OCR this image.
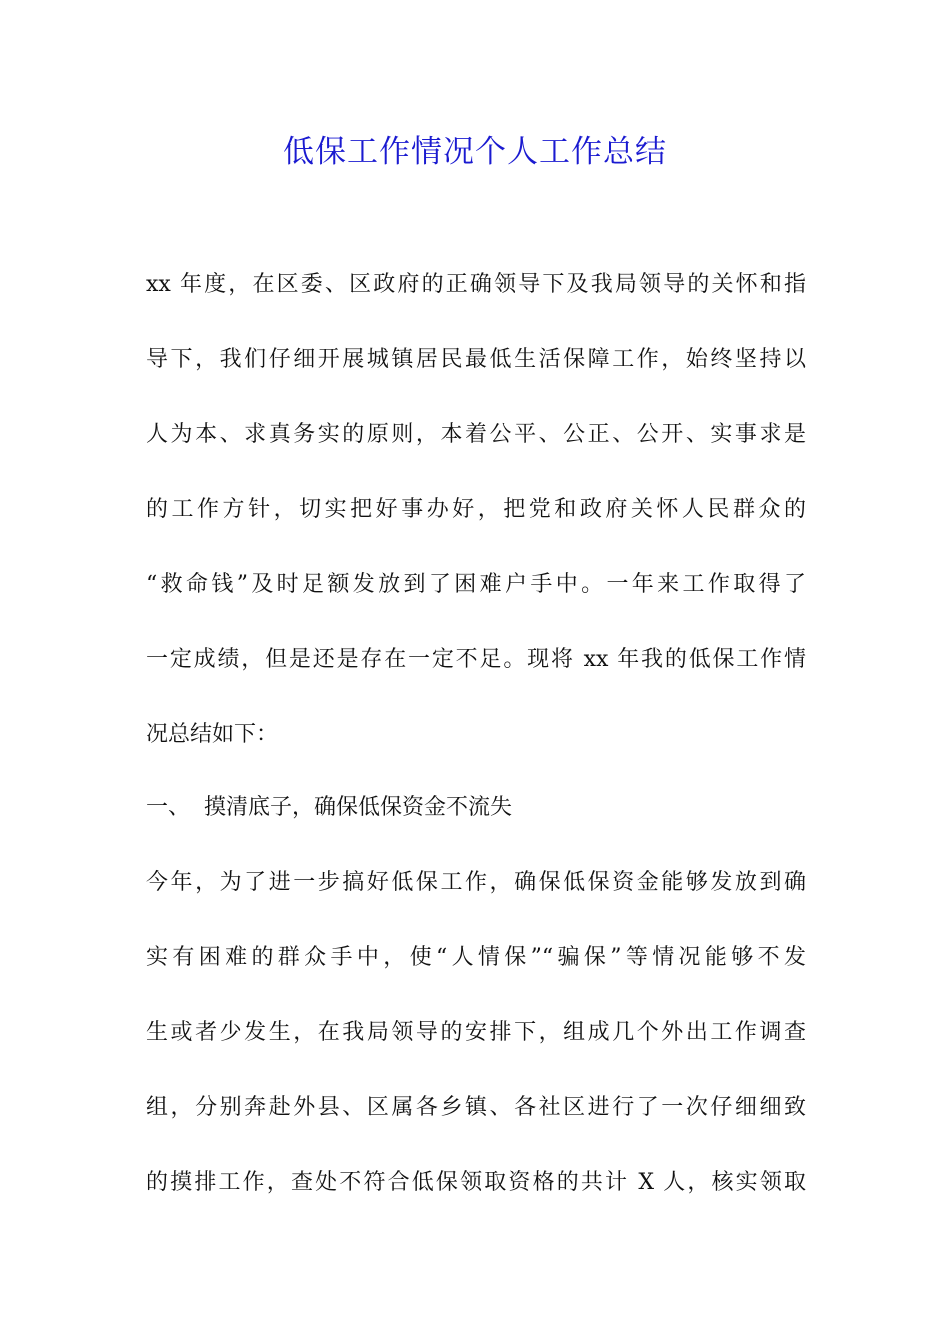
低保工作情况个人工作总结

xx 年度，在区委、区政府的正确领导下及我局领导的关怀和指

导下，我们仔细开展城镇居民最低生活保障工作，始终坚持以

人为本、求真务实的原则，本着公平、公正、公开、实事求是

的工作方针，切实把好事办好，把党和政府关怀人民群众的

“救命钱”及时足额发放到了困难户手中。一年来工作取得了

一定成绩，但是还是存在一定不足。现将 xx 年我的低保工作情

况总结如下：

一、  摸清底子，确保低保资金不流失

今年，为了进一步搞好低保工作，确保低保资金能够发放到确

实有困难的群众手中，使“人情保”“骗保”等情况能够不发

生或者少发生，在我局领导的安排下，组成几个外出工作调查

组，分别奔赴外县、区属各乡镇、各社区进行了一次仔细细致

的摸排工作，查处不符合低保领取资格的共计 X 人，核实领取
